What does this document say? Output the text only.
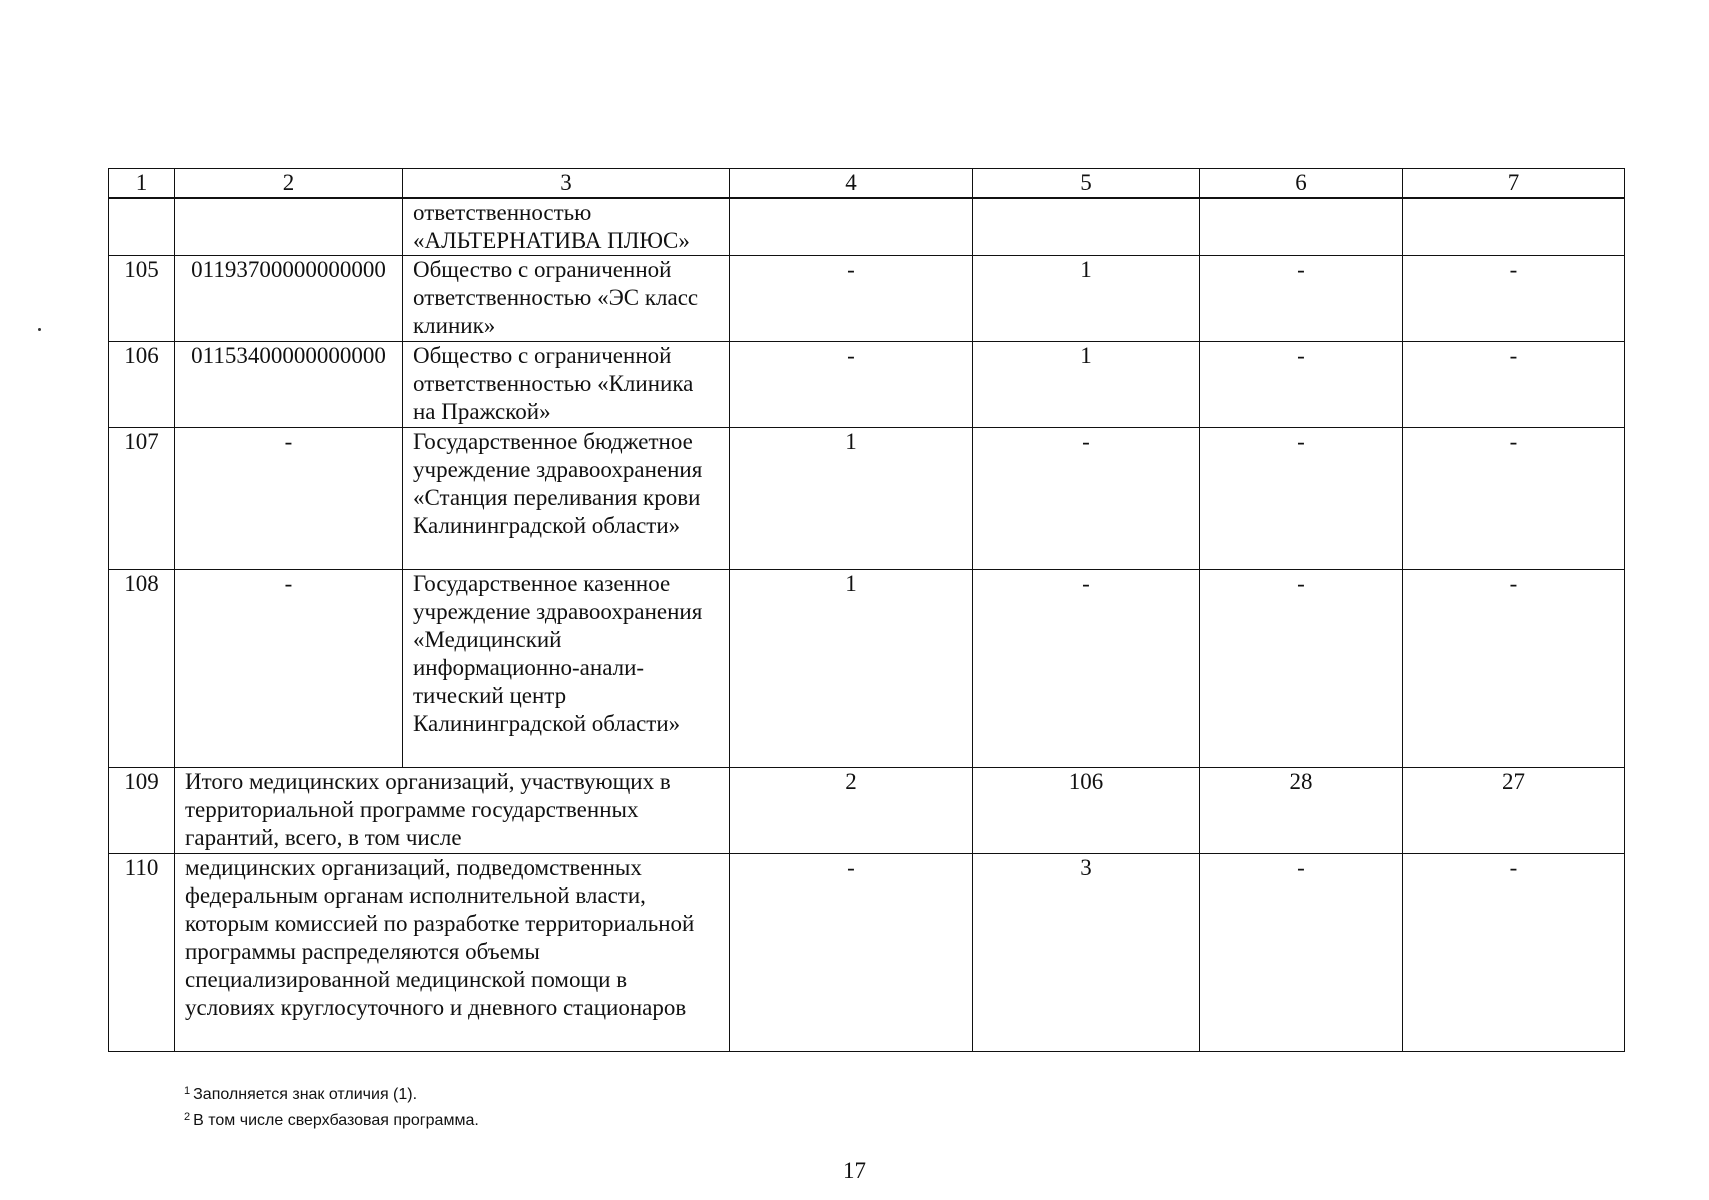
1	2	3	4	5	6	7
		ответственностью «АЛЬТЕРНАТИВА ПЛЮС»				
105	01193700000000000	Общество с ограниченной ответственностью «ЭС класс клиник»	-	1	-	-
106	01153400000000000	Общество с ограниченной ответственностью «Клиника на Пражской»	-	1	-	-
107	-	Государственное бюджетное учреждение здравоохранения «Станция переливания крови Калининградской области»	1	-	-	-
108	-	Государственное казенное учреждение здравоохранения «Медицинский информационно-анали-тический центр Калининградской области»	1	-	-	-
109	Итого медицинских организаций, участвующих в территориальной программе государственных гарантий, всего, в том числе		2	106	28	27
110	медицинских организаций, подведомственных федеральным органам исполнительной власти, которым комиссией по разработке территориальной программы распределяются объемы специализированной медицинской помощи в условиях круглосуточного и дневного стационаров		-	3	-	-
$^1$ Заполняется знак отличия (1).
$^2$ В том числе сверхбазовая программа.
17
